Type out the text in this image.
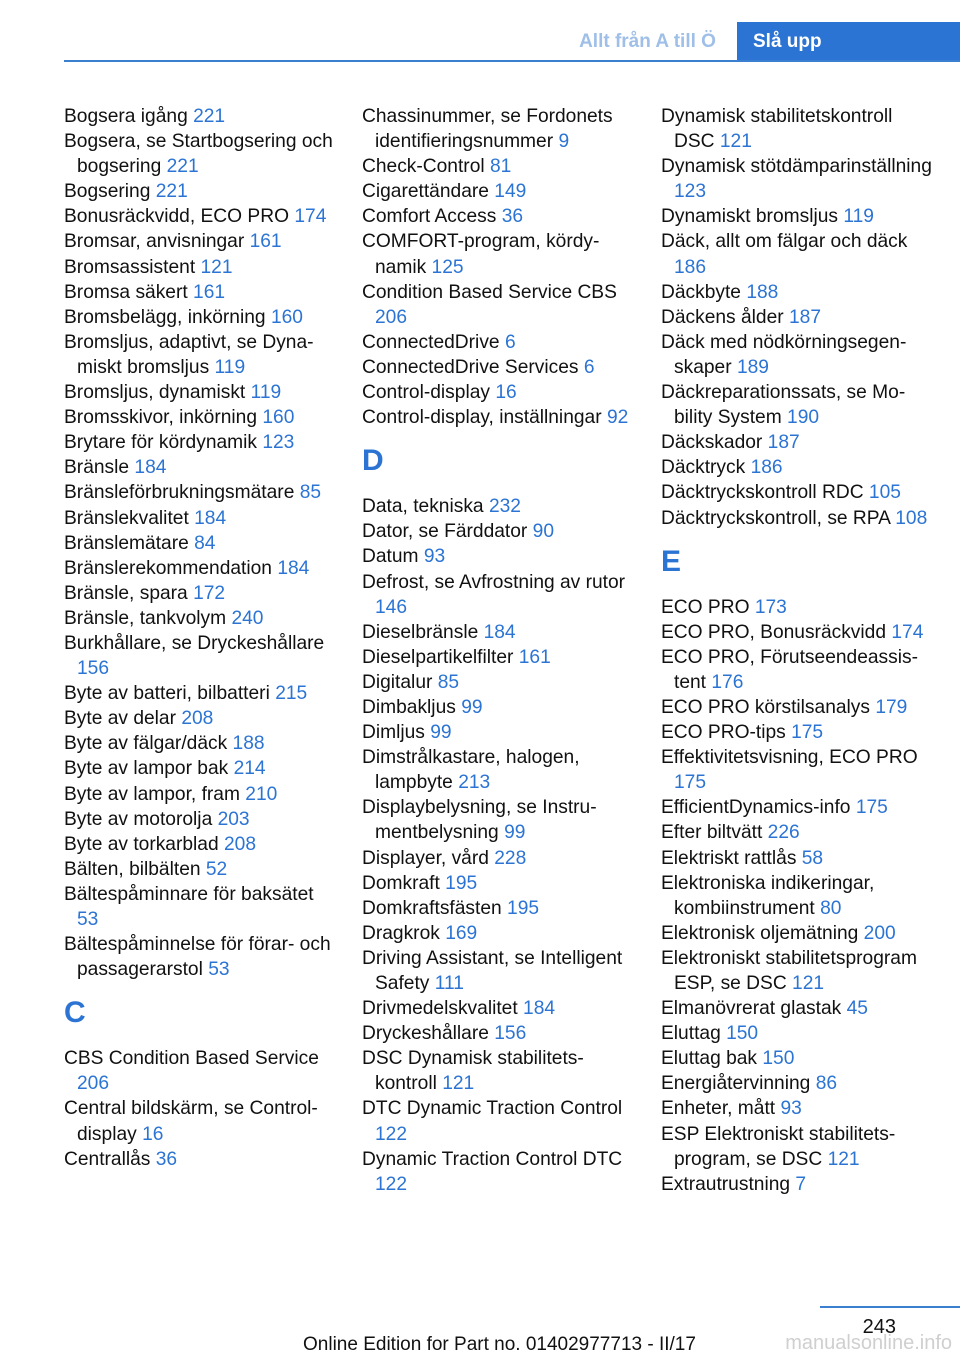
Allt från A till Ö	Slå upp
Bogsera igång 221
Bogsera, se Startbogsering och bogsering 221
Bogsering 221
Bonusräckvidd, ECO PRO 174
Bromsar, anvisningar 161
Bromsassistent 121
Bromsa säkert 161
Bromsbelägg, inkörning 160
Bromsljus, adaptivt, se Dynamiskt bromsljus 119
Bromsljus, dynamiskt 119
Bromsskivor, inkörning 160
Brytare för kördynamik 123
Bränsle 184
Bränsleförbrukningsmätare 85
Bränslekvalitet 184
Bränslemätare 84
Bränslerekommendation 184
Bränsle, spara 172
Bränsle, tankvolym 240
Burkhållare, se Dryckeshållare 156
Byte av batteri, bilbatteri 215
Byte av delar 208
Byte av fälgar/däck 188
Byte av lampor bak 214
Byte av lampor, fram 210
Byte av motorolja 203
Byte av torkarblad 208
Bälten, bilbälten 52
Bältespåminnare för baksätet 53
Bältespåminnelse för förar- och passagerarstol 53
C
CBS Condition Based Service 206
Central bildskärm, se Control- display 16
Centrallås 36
Chassinummer, se Fordonets identifieringsnummer 9
Check-Control 81
Cigarettändare 149
Comfort Access 36
COMFORT-program, kördynamik 125
Condition Based Service CBS 206
ConnectedDrive 6
ConnectedDrive Services 6
Control-display 16
Control-display, inställningar 92
D
Data, tekniska 232
Dator, se Färddator 90
Datum 93
Defrost, se Avfrostning av rutor 146
Dieselbränsle 184
Dieselpartikelfilter 161
Digitalur 85
Dimbakljus 99
Dimljus 99
Dimstrålkastare, halogen, lampbyte 213
Displaybelysning, se Instrumentbelysning 99
Displayer, vård 228
Domkraft 195
Domkraftsfästen 195
Dragkrok 169
Driving Assistant, se Intelligent Safety 111
Drivmedelskvalitet 184
Dryckeshållare 156
DSC Dynamisk stabilitetskontroll 121
DTC Dynamic Traction Control 122
Dynamic Traction Control DTC 122
Dynamisk stabilitetskontroll DSC 121
Dynamisk stötdämparinställning 123
Dynamiskt bromsljus 119
Däck, allt om fälgar och däck 186
Däckbyte 188
Däckens ålder 187
Däck med nödkörningsegenskaper 189
Däckreparationssats, se Mobility System 190
Däckskador 187
Däcktryck 186
Däcktryckskontroll RDC 105
Däcktryckskontroll, se RPA 108
E
ECO PRO 173
ECO PRO, Bonusräckvidd 174
ECO PRO, Förutseendeassistent 176
ECO PRO körstilsanalys 179
ECO PRO-tips 175
Effektivitetsvisning, ECO PRO 175
EfficientDynamics-info 175
Efter biltvätt 226
Elektriskt rattlås 58
Elektroniska indikeringar, kombiinstrument 80
Elektronisk oljemätning 200
Elektroniskt stabilitetsprogram ESP, se DSC 121
Elmanövrerat glastak 45
Eluttag 150
Eluttag bak 150
Energiåtervinning 86
Enheter, mått 93
ESP Elektroniskt stabilitetsprogram, se DSC 121
Extrautrustning 7
243
Online Edition for Part no. 01402977713 - II/17	manualsonline.info
